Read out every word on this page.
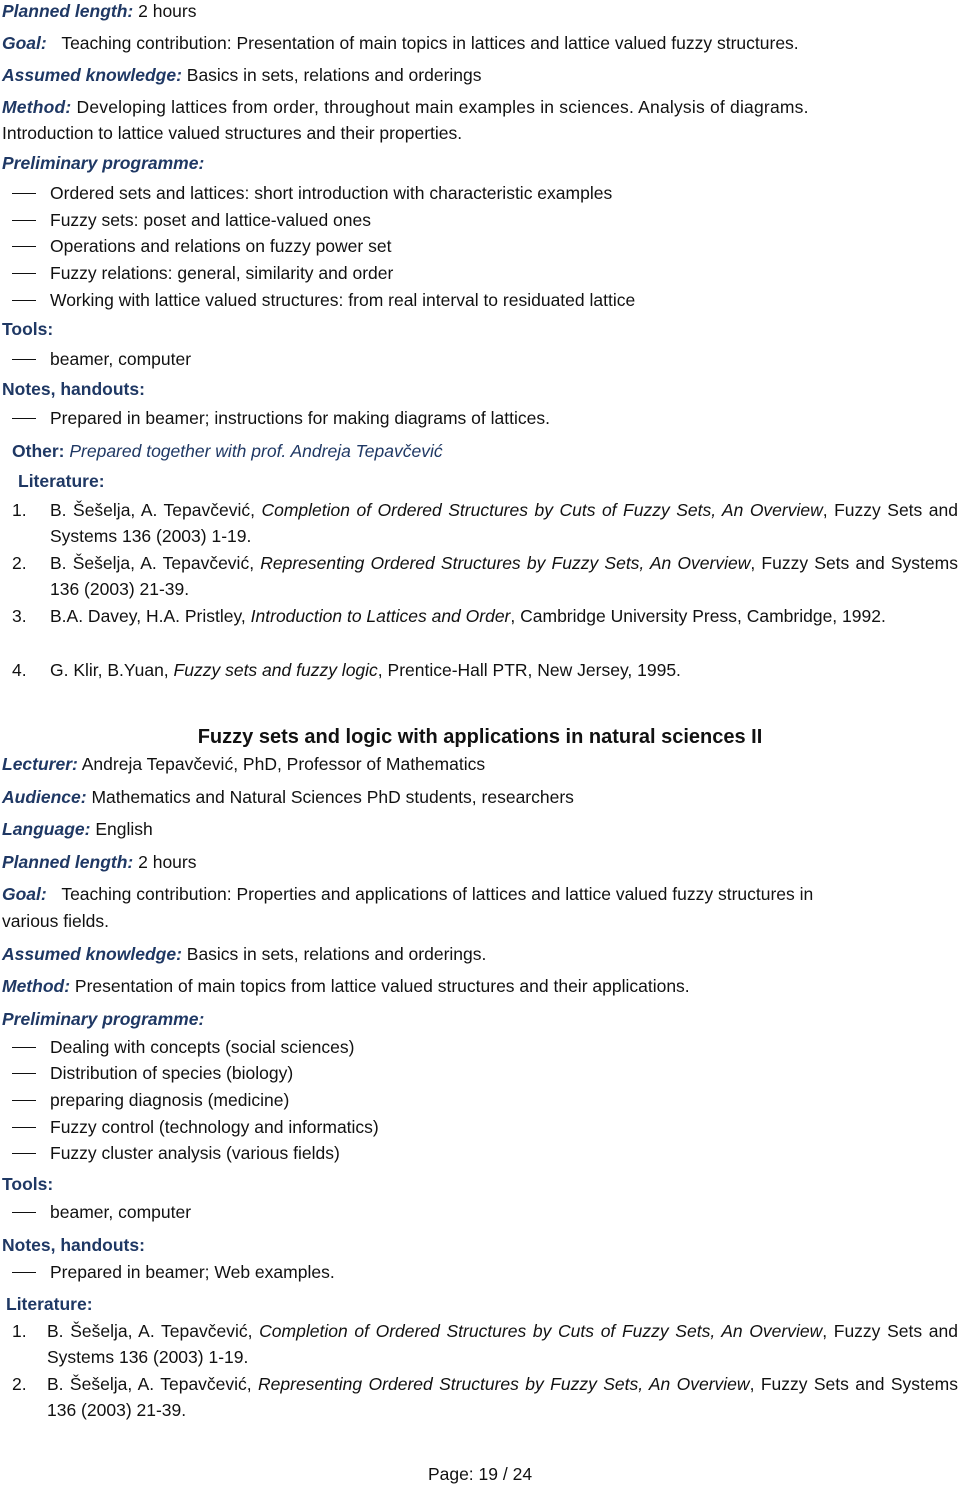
Planned length: 2 hours
Goal: Teaching contribution: Presentation of main topics in lattices and lattice valued fuzzy structures.
Assumed knowledge: Basics in sets, relations and orderings
Method: Developing lattices from order, throughout main examples in sciences. Analysis of diagrams.
Introduction to lattice valued structures and their properties.
Preliminary programme:
Ordered sets and lattices: short introduction with characteristic examples
Fuzzy sets: poset and lattice-valued ones
Operations and relations on fuzzy power set
Fuzzy relations: general, similarity and order
Working with lattice valued structures: from real interval to residuated lattice
Tools:
beamer, computer
Notes, handouts:
Prepared in beamer; instructions for making diagrams of lattices.
Other: Prepared together with prof. Andreja Tepavčević
Literature:
1. B. Šešelja, A. Tepavčević, Completion of Ordered Structures by Cuts of Fuzzy Sets, An Overview, Fuzzy Sets and Systems 136 (2003) 1-19.
2. B. Šešelja, A. Tepavčević, Representing Ordered Structures by Fuzzy Sets, An Overview, Fuzzy Sets and Systems 136 (2003) 21-39.
3. B.A. Davey, H.A. Pristley, Introduction to Lattices and Order, Cambridge University Press, Cambridge, 1992.
4. G. Klir, B.Yuan, Fuzzy sets and fuzzy logic, Prentice-Hall PTR, New Jersey, 1995.
Fuzzy sets and logic with applications in natural sciences II
Lecturer: Andreja Tepavčević, PhD, Professor of Mathematics
Audience: Mathematics and Natural Sciences PhD students, researchers
Language: English
Planned length: 2 hours
Goal: Teaching contribution: Properties and applications of lattices and lattice valued fuzzy structures in
various fields.
Assumed knowledge: Basics in sets, relations and orderings.
Method: Presentation of main topics from lattice valued structures and their applications.
Preliminary programme:
Dealing with concepts (social sciences)
Distribution of species (biology)
preparing diagnosis (medicine)
Fuzzy control (technology and informatics)
Fuzzy cluster analysis (various fields)
Tools:
beamer, computer
Notes, handouts:
Prepared in beamer; Web examples.
Literature:
1. B. Šešelja, A. Tepavčević, Completion of Ordered Structures by Cuts of Fuzzy Sets, An Overview, Fuzzy Sets and Systems 136 (2003) 1-19.
2. B. Šešelja, A. Tepavčević, Representing Ordered Structures by Fuzzy Sets, An Overview, Fuzzy Sets and Systems 136 (2003) 21-39.
Page: 19 / 24
